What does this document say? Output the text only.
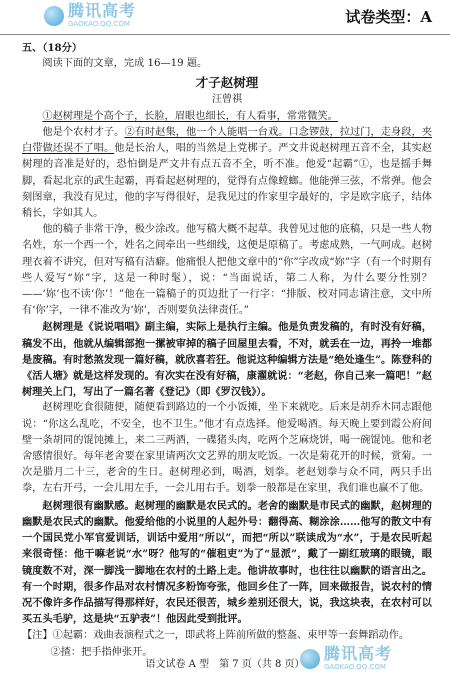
腾讯高考
GAOKAO.QQ.COM	试卷类型：A

五、（18分）

阅读下面的文章，完成 16—19 题。

才子赵树理

汪曾祺

①赵树理是个高个子，长脸，眉眼也细长，有人看事，常常微笑。

他是个农村才子。②有时赵集，他一个人能唱一台戏。口念锣鼓，拉过门，走身段，夹白带做还误不了唱。他是长治人，唱的当然是上党梆子。严文井说赵树理五音不全，其实赵树理的音准是好的，恐怕倒是严文井有点五音不全，听不准。他爱“起霸”①，也是摇手舞脚，看起北京的武生起霸，再看起赵树理的，觉得有点像螳螂。他能弹三弦，不常弹。他会刻图章，我没有见过，他的字写得很好，是我见过的作家里字最好的，字是欧字底子，结体稍长，字如其人。

他的稿子非常干净，极少涂改。他写稿大概不起草。我曾见过他的底稿，只是一些人物名姓，东一个西一个，姓名之间牵出一些细线，这便是原稿了。考虑成熟，一气呵成。赵树理衣着不讲究，但对写稿有洁癖。他痛恨人把他文章中的“你”字改成“妳”字（有一个时期有些人爱写“妳”字，这是一种时髦），说：“当面说话，第二人称，为什么要分性别？——‘妳’也不读‘你’！”他在一篇稿子的页边批了一行字：“排版、校对同志请注意，文中所有‘你’字，一律不准改为‘妳’，否则要负法律责任。”

赵树理是《说说唱唱》副主编，实际上是执行主编。他是负责发稿的，有时没有好稿，稿发不出，他就从编辑部抱一摞被审掉的稿子回屋里去看，不对，就丢在一边，再拎一堆都是废稿。有时愁煞发现一篇好稿，就欣喜若狂。他说这种编辑方法是“绝处逢生”。陈登科的《活人塘》就是这样发现的。有次实在没有好稿，康濯就说：“老赵，你自己来一篇吧！”赵树理关上门，写出了一篇名著《登记》（即《罗汉钱》）。

赵树理吃食很随便，随便看到路边的一个小饭摊，坐下来就吃。后来是胡乔木同志跟他说：“你这么乱吃，不安全，也不卫生。”他才有点选择。他爱喝酒。每天晚上要到霞公府间壁一条胡同的馄饨摊上，来二三两酒，一碟猪头肉，吃两个芝麻烧饼，喝一碗馄饨。他和老舍感情很好。每年老舍要在家里请两次文艺界的朋友吃饭。一次是菊花开的时候，赏菊。一次是腊月二十三，老舍的生日。赵树理必到，喝酒，划拳。老赵划拳与众不同，两只手出拳，左右开弓，一会儿用左手，一会儿用右手。划拳一般都是在家里，我们谁也赢不了他。

赵树理很有幽默感。赵树理的幽默是农民式的。老舍的幽默是市民式的幽默，赵树理的幽默是农民式的幽默。他爱给他的小说里的人起外号：翻得高、糊涂涂……他写的散文中有一个国民党小军官爱训话，训话中爱用“所以”，而把“所以”联读成为“水”，于是农民听起来很奇怪：他干嘛老说“水”呀？他写的“催租吏”为了“显派”，戴了一副红玻璃的眼镜，眼镜度数不对，深一脚浅一脚地在农村的土路上走。他讲故事时，也往往以幽默的语言出之。有一个时期，很多作品对农村情况多粉饰夸张，他回乡住了一阵，回来做报告，说农村的情况不像许多作品描写得那样好，农民还很苦，城乡差别还很大，说，我这块表，在农村可以买五头毛驴，这是块“五驴表”！他因此受到批评。

【注】①起霸：戏曲表演程式之一，即武将上阵前所做的整盔、束甲等一套舞蹈动作。

②揸：把手指伸张开。	腾讯高考
GAOKAO.QQ.COM
语文试卷 A 型　第 7 页（共 8 页）
